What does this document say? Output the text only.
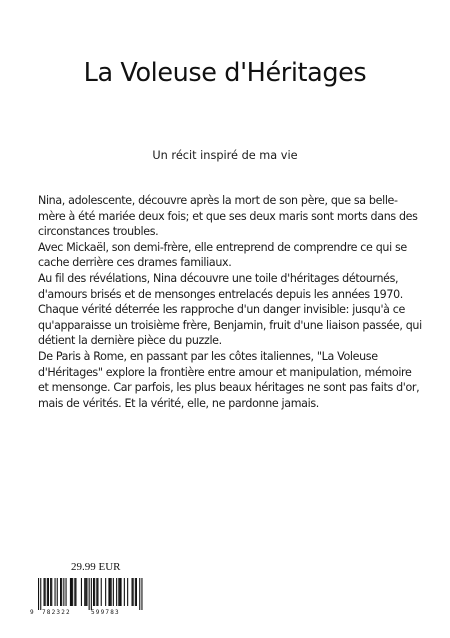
La Voleuse d'Héritages
Un récit inspiré de ma vie

Nina, adolescente, découvre après la mort de son père, que sa belle-mère à été mariée deux fois; et que ses deux maris sont morts dans des circonstances troubles.

Avec Mickaël, son demi-frère, elle entreprend de comprendre ce qui se cache derrière ces drames familiaux.

Au fil des révélations, Nina découvre une toile d'héritages détournés, d'amours brisés et de mensonges entrelacés depuis les années 1970.

Chaque vérité déterrée les rapproche d'un danger invisible: jusqu'à ce qu'apparaisse un troisième frère, Benjamin, fruit d'une liaison passée, qui détient la dernière pièce du puzzle.

De Paris à Rome, en passant par les côtes italiennes, "La Voleuse d'Héritages" explore la frontière entre amour et manipulation, mémoire et mensonge. Car parfois, les plus beaux héritages ne sont pas faits d'or, mais de vérités. Et la vérité, elle, ne pardonne jamais.

29.99 EUR
9 782322	599783
